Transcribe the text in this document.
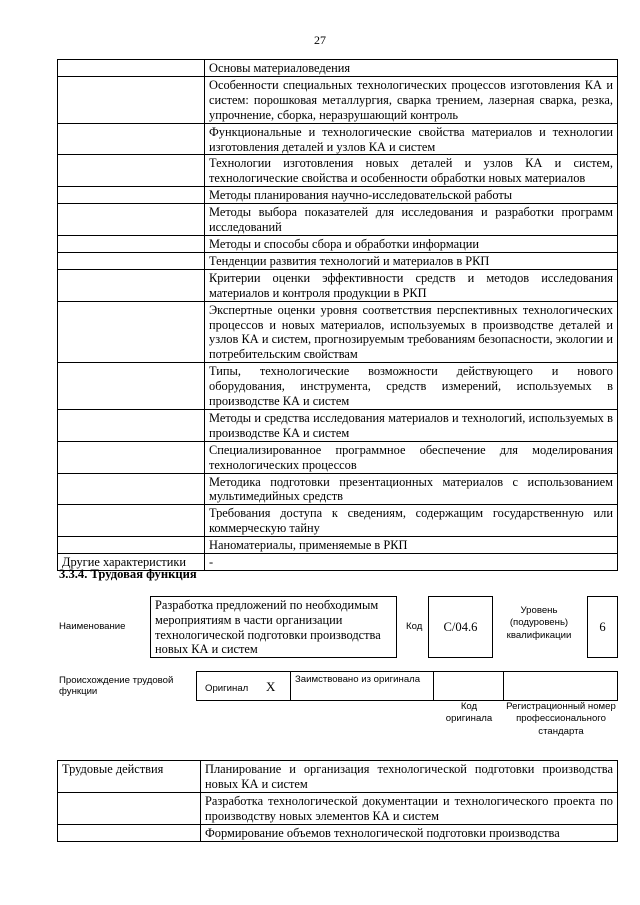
27
	Основы материаловедения
	Особенности специальных технологических процессов изготовления КА и систем: порошковая металлургия, сварка трением, лазерная сварка, резка, упрочнение, сборка, неразрушающий контроль
	Функциональные и технологические свойства материалов и технологии изготовления деталей и узлов КА и систем
	Технологии изготовления новых деталей и узлов КА и систем, технологические свойства и особенности обработки новых материалов
	Методы планирования научно-исследовательской работы
	Методы выбора показателей для исследования и разработки программ исследований
	Методы и способы сбора и обработки информации
	Тенденции развития технологий и материалов в РКП
	Критерии оценки эффективности средств и методов исследования материалов и контроля продукции в РКП
	Экспертные оценки уровня соответствия перспективных технологических процессов и новых материалов, используемых в производстве деталей и узлов КА и систем, прогнозируемым требованиям безопасности, экологии и потребительским свойствам
	Типы, технологические возможности действующего и нового оборудования, инструмента, средств измерений, используемых в производстве КА и систем
	Методы и средства исследования материалов и технологий, используемых в производстве КА и систем
	Специализированное программное обеспечение для моделирования технологических процессов
	Методика подготовки презентационных материалов с использованием мультимедийных средств
	Требования доступа к сведениям, содержащим государственную или коммерческую тайну
	Наноматериалы, применяемые в РКП
Другие характеристики	-
3.3.4. Трудовая функция
Наименование
Разработка предложений по необходимым мероприятиям в части организации технологической подготовки производства новых КА и систем
Код	С/04.6
Уровень (подуровень) квалификации
6
Происхождение трудовой функции	Оригинал X Заимствовано из оригинала
Код оригинала
Регистрационный номер профессионального стандарта
Трудовые действия	Планирование и организация технологической подготовки производства новых КА и систем
	Разработка технологической документации и технологического проекта по производству новых элементов КА и систем
	Формирование объемов технологической подготовки производства
